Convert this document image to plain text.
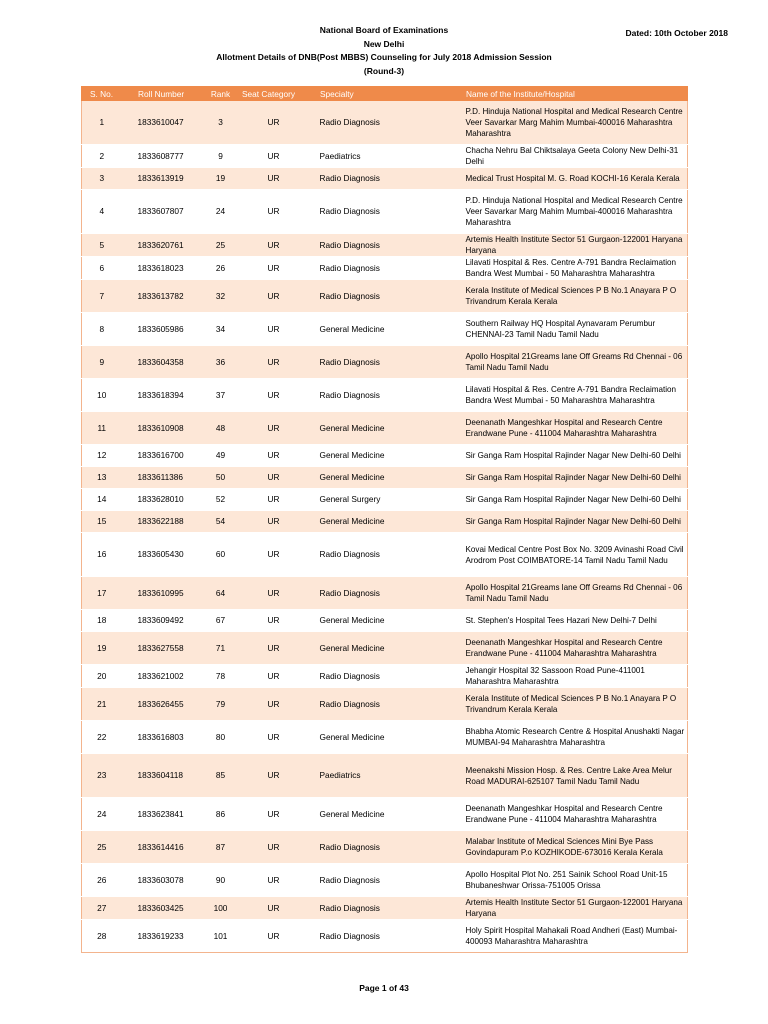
National Board of Examinations
New Delhi
Allotment Details of DNB(Post MBBS) Counseling for July 2018 Admission Session
(Round-3)
Dated: 10th October 2018
S. No.	Roll Number	Rank	Seat Category	Specialty	Name of the Institute/Hospital
1	1833610047	3	UR	Radio Diagnosis	P.D. Hinduja National Hospital and Medical Research Centre Veer Savarkar Marg Mahim Mumbai-400016 Maharashtra Maharashtra
2	1833608777	9	UR	Paediatrics	Chacha Nehru Bal Chiktsalaya Geeta Colony New Delhi-31 Delhi
3	1833613919	19	UR	Radio Diagnosis	Medical Trust Hospital M. G. Road KOCHI-16 Kerala Kerala
4	1833607807	24	UR	Radio Diagnosis	P.D. Hinduja National Hospital and Medical Research Centre Veer Savarkar Marg Mahim Mumbai-400016 Maharashtra Maharashtra
5	1833620761	25	UR	Radio Diagnosis	Artemis Health Institute Sector 51 Gurgaon-122001 Haryana Haryana
6	1833618023	26	UR	Radio Diagnosis	Lilavati Hospital & Res. Centre A-791 Bandra Reclaimation Bandra West Mumbai - 50 Maharashtra Maharashtra
7	1833613782	32	UR	Radio Diagnosis	Kerala Institute of Medical Sciences P B No.1 Anayara P O Trivandrum Kerala Kerala
8	1833605986	34	UR	General Medicine	Southern Railway HQ Hospital Aynavaram Perumbur CHENNAI-23 Tamil Nadu Tamil Nadu
9	1833604358	36	UR	Radio Diagnosis	Apollo Hospital 21Greams lane Off Greams Rd Chennai - 06 Tamil Nadu Tamil Nadu
10	1833618394	37	UR	Radio Diagnosis	Lilavati Hospital & Res. Centre A-791 Bandra Reclaimation Bandra West Mumbai - 50 Maharashtra Maharashtra
11	1833610908	48	UR	General Medicine	Deenanath Mangeshkar Hospital and Research Centre Erandwane Pune - 411004 Maharashtra Maharashtra
12	1833616700	49	UR	General Medicine	Sir Ganga Ram Hospital Rajinder Nagar New Delhi-60 Delhi
13	1833611386	50	UR	General Medicine	Sir Ganga Ram Hospital Rajinder Nagar New Delhi-60 Delhi
14	1833628010	52	UR	General Surgery	Sir Ganga Ram Hospital Rajinder Nagar New Delhi-60 Delhi
15	1833622188	54	UR	General Medicine	Sir Ganga Ram Hospital Rajinder Nagar New Delhi-60 Delhi
16	1833605430	60	UR	Radio Diagnosis	Kovai Medical Centre Post Box No. 3209 Avinashi Road Civil Arodrom Post COIMBATORE-14 Tamil Nadu Tamil Nadu
17	1833610995	64	UR	Radio Diagnosis	Apollo Hospital 21Greams lane Off Greams Rd Chennai - 06 Tamil Nadu Tamil Nadu
18	1833609492	67	UR	General Medicine	St. Stephen's Hospital Tees Hazari New Delhi-7 Delhi
19	1833627558	71	UR	General Medicine	Deenanath Mangeshkar Hospital and Research Centre Erandwane Pune - 411004 Maharashtra Maharashtra
20	1833621002	78	UR	Radio Diagnosis	Jehangir Hospital 32 Sassoon Road Pune-411001 Maharashtra Maharashtra
21	1833626455	79	UR	Radio Diagnosis	Kerala Institute of Medical Sciences P B No.1 Anayara P O Trivandrum Kerala Kerala
22	1833616803	80	UR	General Medicine	Bhabha Atomic Research Centre & Hospital Anushakti Nagar MUMBAI-94 Maharashtra Maharashtra
23	1833604118	85	UR	Paediatrics	Meenakshi Mission Hosp. & Res. Centre Lake Area Melur Road MADURAI-625107 Tamil Nadu Tamil Nadu
24	1833623841	86	UR	General Medicine	Deenanath Mangeshkar Hospital and Research Centre Erandwane Pune - 411004 Maharashtra Maharashtra
25	1833614416	87	UR	Radio Diagnosis	Malabar Institute of Medical Sciences Mini Bye Pass Govindapuram P.o KOZHIKODE-673016 Kerala Kerala
26	1833603078	90	UR	Radio Diagnosis	Apollo Hospital Plot No. 251 Sainik School Road Unit-15 Bhubaneshwar Orissa-751005 Orissa
27	1833603425	100	UR	Radio Diagnosis	Artemis Health Institute Sector 51 Gurgaon-122001 Haryana Haryana
28	1833619233	101	UR	Radio Diagnosis	Holy Spirit Hospital Mahakali Road Andheri (East) Mumbai-400093 Maharashtra Maharashtra
Page 1 of 43
